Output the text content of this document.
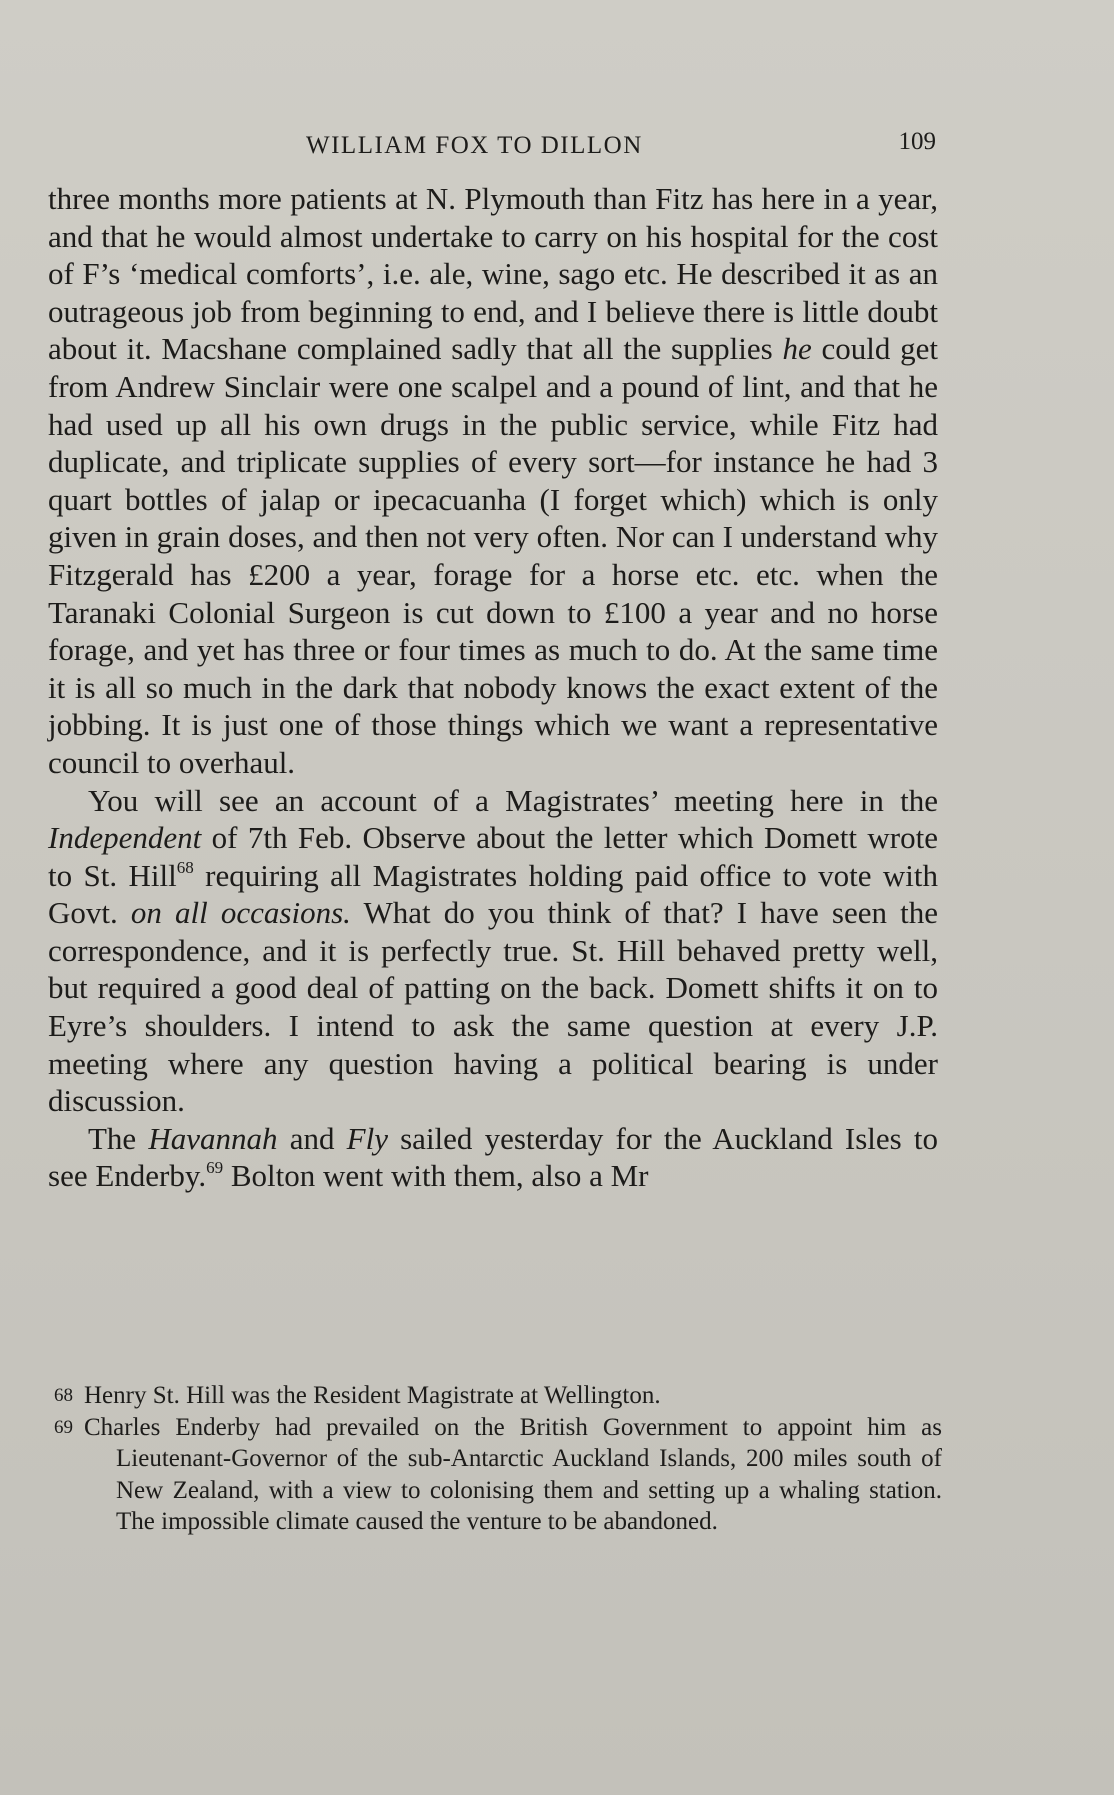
WILLIAM FOX TO DILLON	109

three months more patients at N. Plymouth than Fitz has here in a year, and that he would almost undertake to carry on his hospital for the cost of F’s ‘medical comforts’, i.e. ale, wine, sago etc. He described it as an outrageous job from beginning to end, and I believe there is little doubt about it. Macshane complained sadly that all the supplies he could get from Andrew Sinclair were one scalpel and a pound of lint, and that he had used up all his own drugs in the public service, while Fitz had duplicate, and triplicate supplies of every sort—for instance he had 3 quart bottles of jalap or ipecacuanha (I forget which) which is only given in grain doses, and then not very often. Nor can I understand why Fitzgerald has £200 a year, forage for a horse etc. etc. when the Taranaki Colonial Surgeon is cut down to £100 a year and no horse forage, and yet has three or four times as much to do. At the same time it is all so much in the dark that nobody knows the exact extent of the jobbing. It is just one of those things which we want a representative council to overhaul.

You will see an account of a Magistrates’ meeting here in the Independent of 7th Feb. Observe about the letter which Domett wrote to St. Hill$^{68}$ requiring all Magistrates holding paid office to vote with Govt. on all occasions. What do you think of that? I have seen the correspondence, and it is perfectly true. St. Hill behaved pretty well, but required a good deal of patting on the back. Domett shifts it on to Eyre’s shoulders. I intend to ask the same question at every J.P. meeting where any question having a political bearing is under discussion.

The Havannah and Fly sailed yesterday for the Auckland Isles to see Enderby.$^{69}$ Bolton went with them, also a Mr

68 Henry St. Hill was the Resident Magistrate at Wellington.

69 Charles Enderby had prevailed on the British Government to appoint him as Lieutenant-Governor of the sub-Antarctic Auckland Islands, 200 miles south of New Zealand, with a view to colonising them and setting up a whaling station. The impossible climate caused the venture to be abandoned.
